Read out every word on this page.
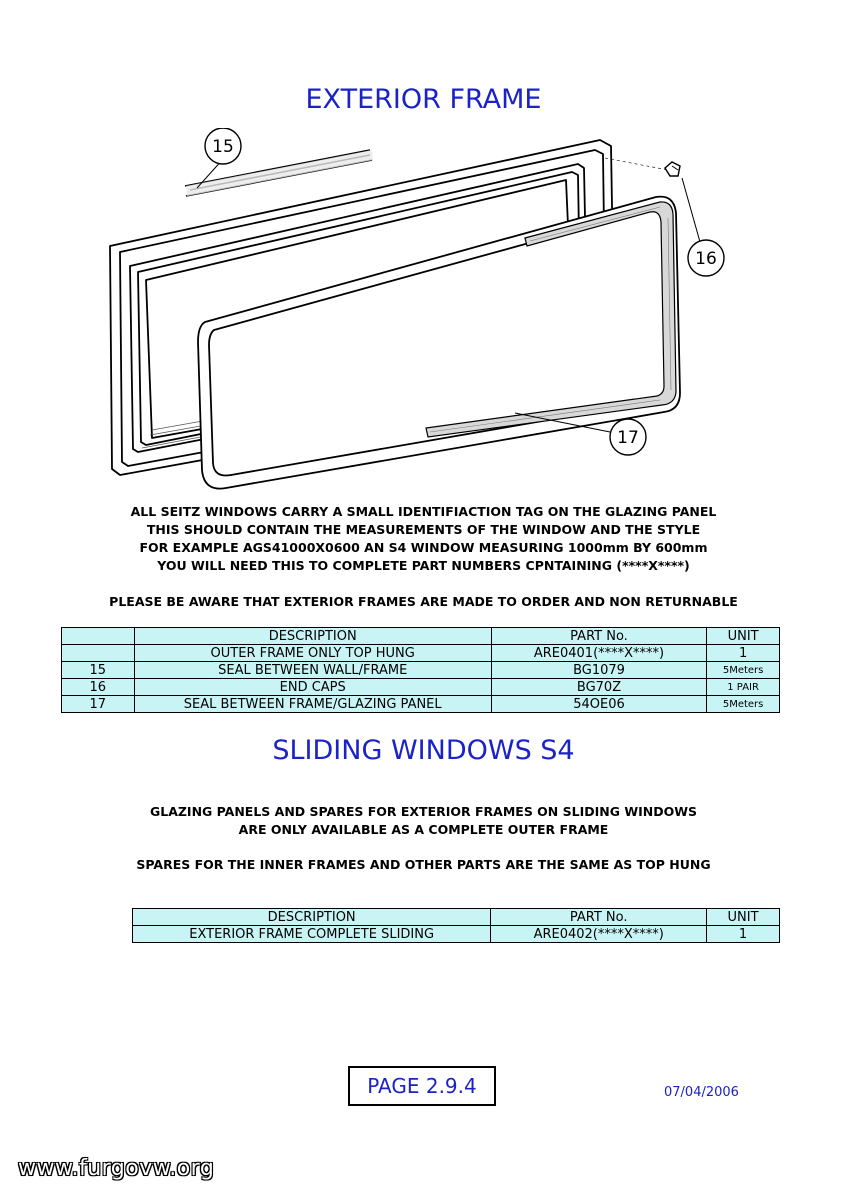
EXTERIOR FRAME
15
16
17
ALL SEITZ WINDOWS CARRY A SMALL IDENTIFIACTION TAG ON THE GLAZING PANEL
THIS SHOULD CONTAIN THE MEASUREMENTS OF THE WINDOW AND THE STYLE
FOR EXAMPLE AGS41000X0600 AN S4 WINDOW MEASURING 1000mm BY 600mm
YOU WILL NEED THIS TO COMPLETE PART NUMBERS CPNTAINING (****X****)
PLEASE BE AWARE THAT EXTERIOR FRAMES ARE MADE TO ORDER AND NON RETURNABLE
	DESCRIPTION	PART No.	UNIT
	OUTER FRAME ONLY TOP HUNG	ARE0401(****X****)	1
15	SEAL BETWEEN WALL/FRAME	BG1079	5Meters
16	END CAPS	BG70Z	1 PAIR
17	SEAL BETWEEN FRAME/GLAZING PANEL	54OE06	5Meters
SLIDING WINDOWS S4
GLAZING PANELS AND SPARES FOR EXTERIOR FRAMES ON SLIDING WINDOWS
ARE ONLY AVAILABLE AS A COMPLETE OUTER FRAME
SPARES FOR THE INNER FRAMES AND OTHER PARTS ARE THE SAME AS TOP HUNG
DESCRIPTION	PART No.	UNIT
EXTERIOR FRAME COMPLETE SLIDING	ARE0402(****X****)	1
PAGE 2.9.4	07/04/2006
www.furgovw.org
